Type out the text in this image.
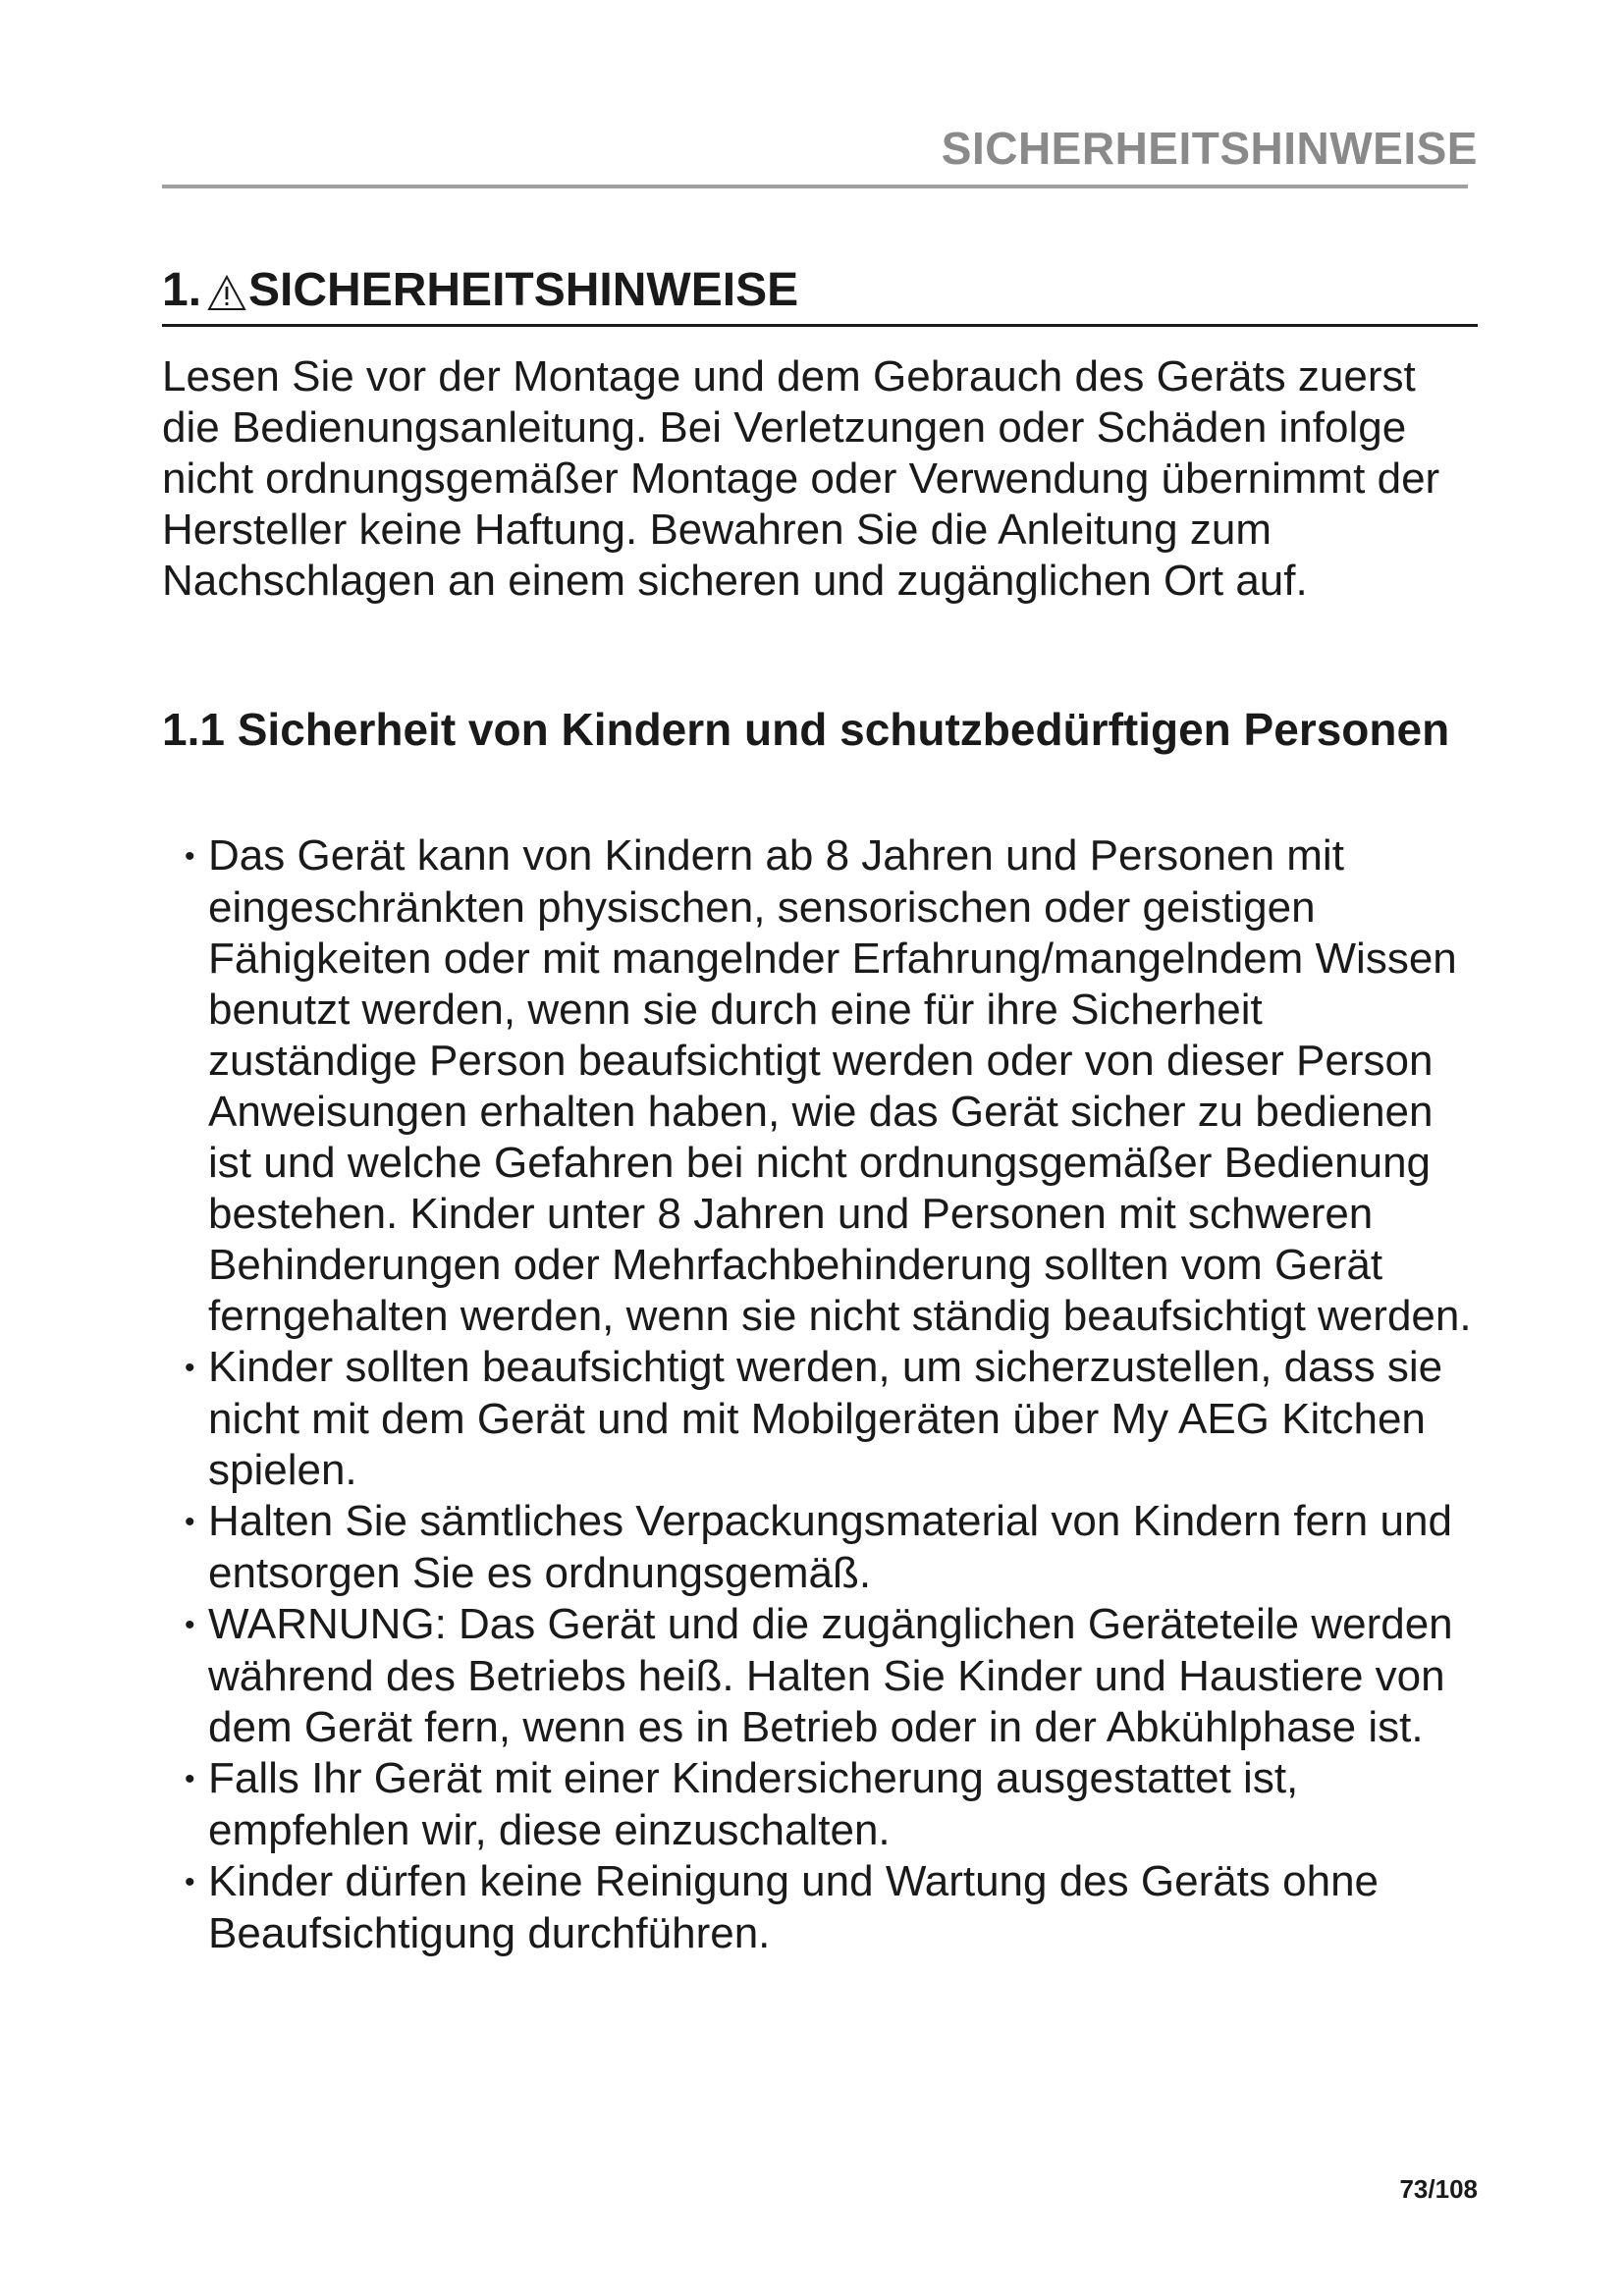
SICHERHEITSHINWEISE
1. SICHERHEITSHINWEISE

Lesen Sie vor der Montage und dem Gebrauch des Geräts zuerst die Bedienungsanleitung. Bei Verletzungen oder Schäden infolge nicht ordnungsgemäßer Montage oder Verwendung übernimmt der Hersteller keine Haftung. Bewahren Sie die Anleitung zum Nachschlagen an einem sicheren und zugänglichen Ort auf.

1.1 Sicherheit von Kindern und schutzbedürftigen Personen
• Das Gerät kann von Kindern ab 8 Jahren und Personen mit eingeschränkten physischen, sensorischen oder geistigen Fähigkeiten oder mit mangelnder Erfahrung/mangelndem Wissen benutzt werden, wenn sie durch eine für ihre Sicherheit zuständige Person beaufsichtigt werden oder von dieser Person Anweisungen erhalten haben, wie das Gerät sicher zu bedienen ist und welche Gefahren bei nicht ordnungsgemäßer Bedienung bestehen. Kinder unter 8 Jahren und Personen mit schweren Behinderungen oder Mehrfachbehinderung sollten vom Gerät ferngehalten werden, wenn sie nicht ständig beaufsichtigt werden.
• Kinder sollten beaufsichtigt werden, um sicherzustellen, dass sie nicht mit dem Gerät und mit Mobilgeräten über My AEG Kitchen spielen.
• Halten Sie sämtliches Verpackungsmaterial von Kindern fern und entsorgen Sie es ordnungsgemäß.
• WARNUNG: Das Gerät und die zugänglichen Geräteteile werden während des Betriebs heiß. Halten Sie Kinder und Haustiere von dem Gerät fern, wenn es in Betrieb oder in der Abkühlphase ist.
• Falls Ihr Gerät mit einer Kindersicherung ausgestattet ist, empfehlen wir, diese einzuschalten.
• Kinder dürfen keine Reinigung und Wartung des Geräts ohne Beaufsichtigung durchführen.
73/108
